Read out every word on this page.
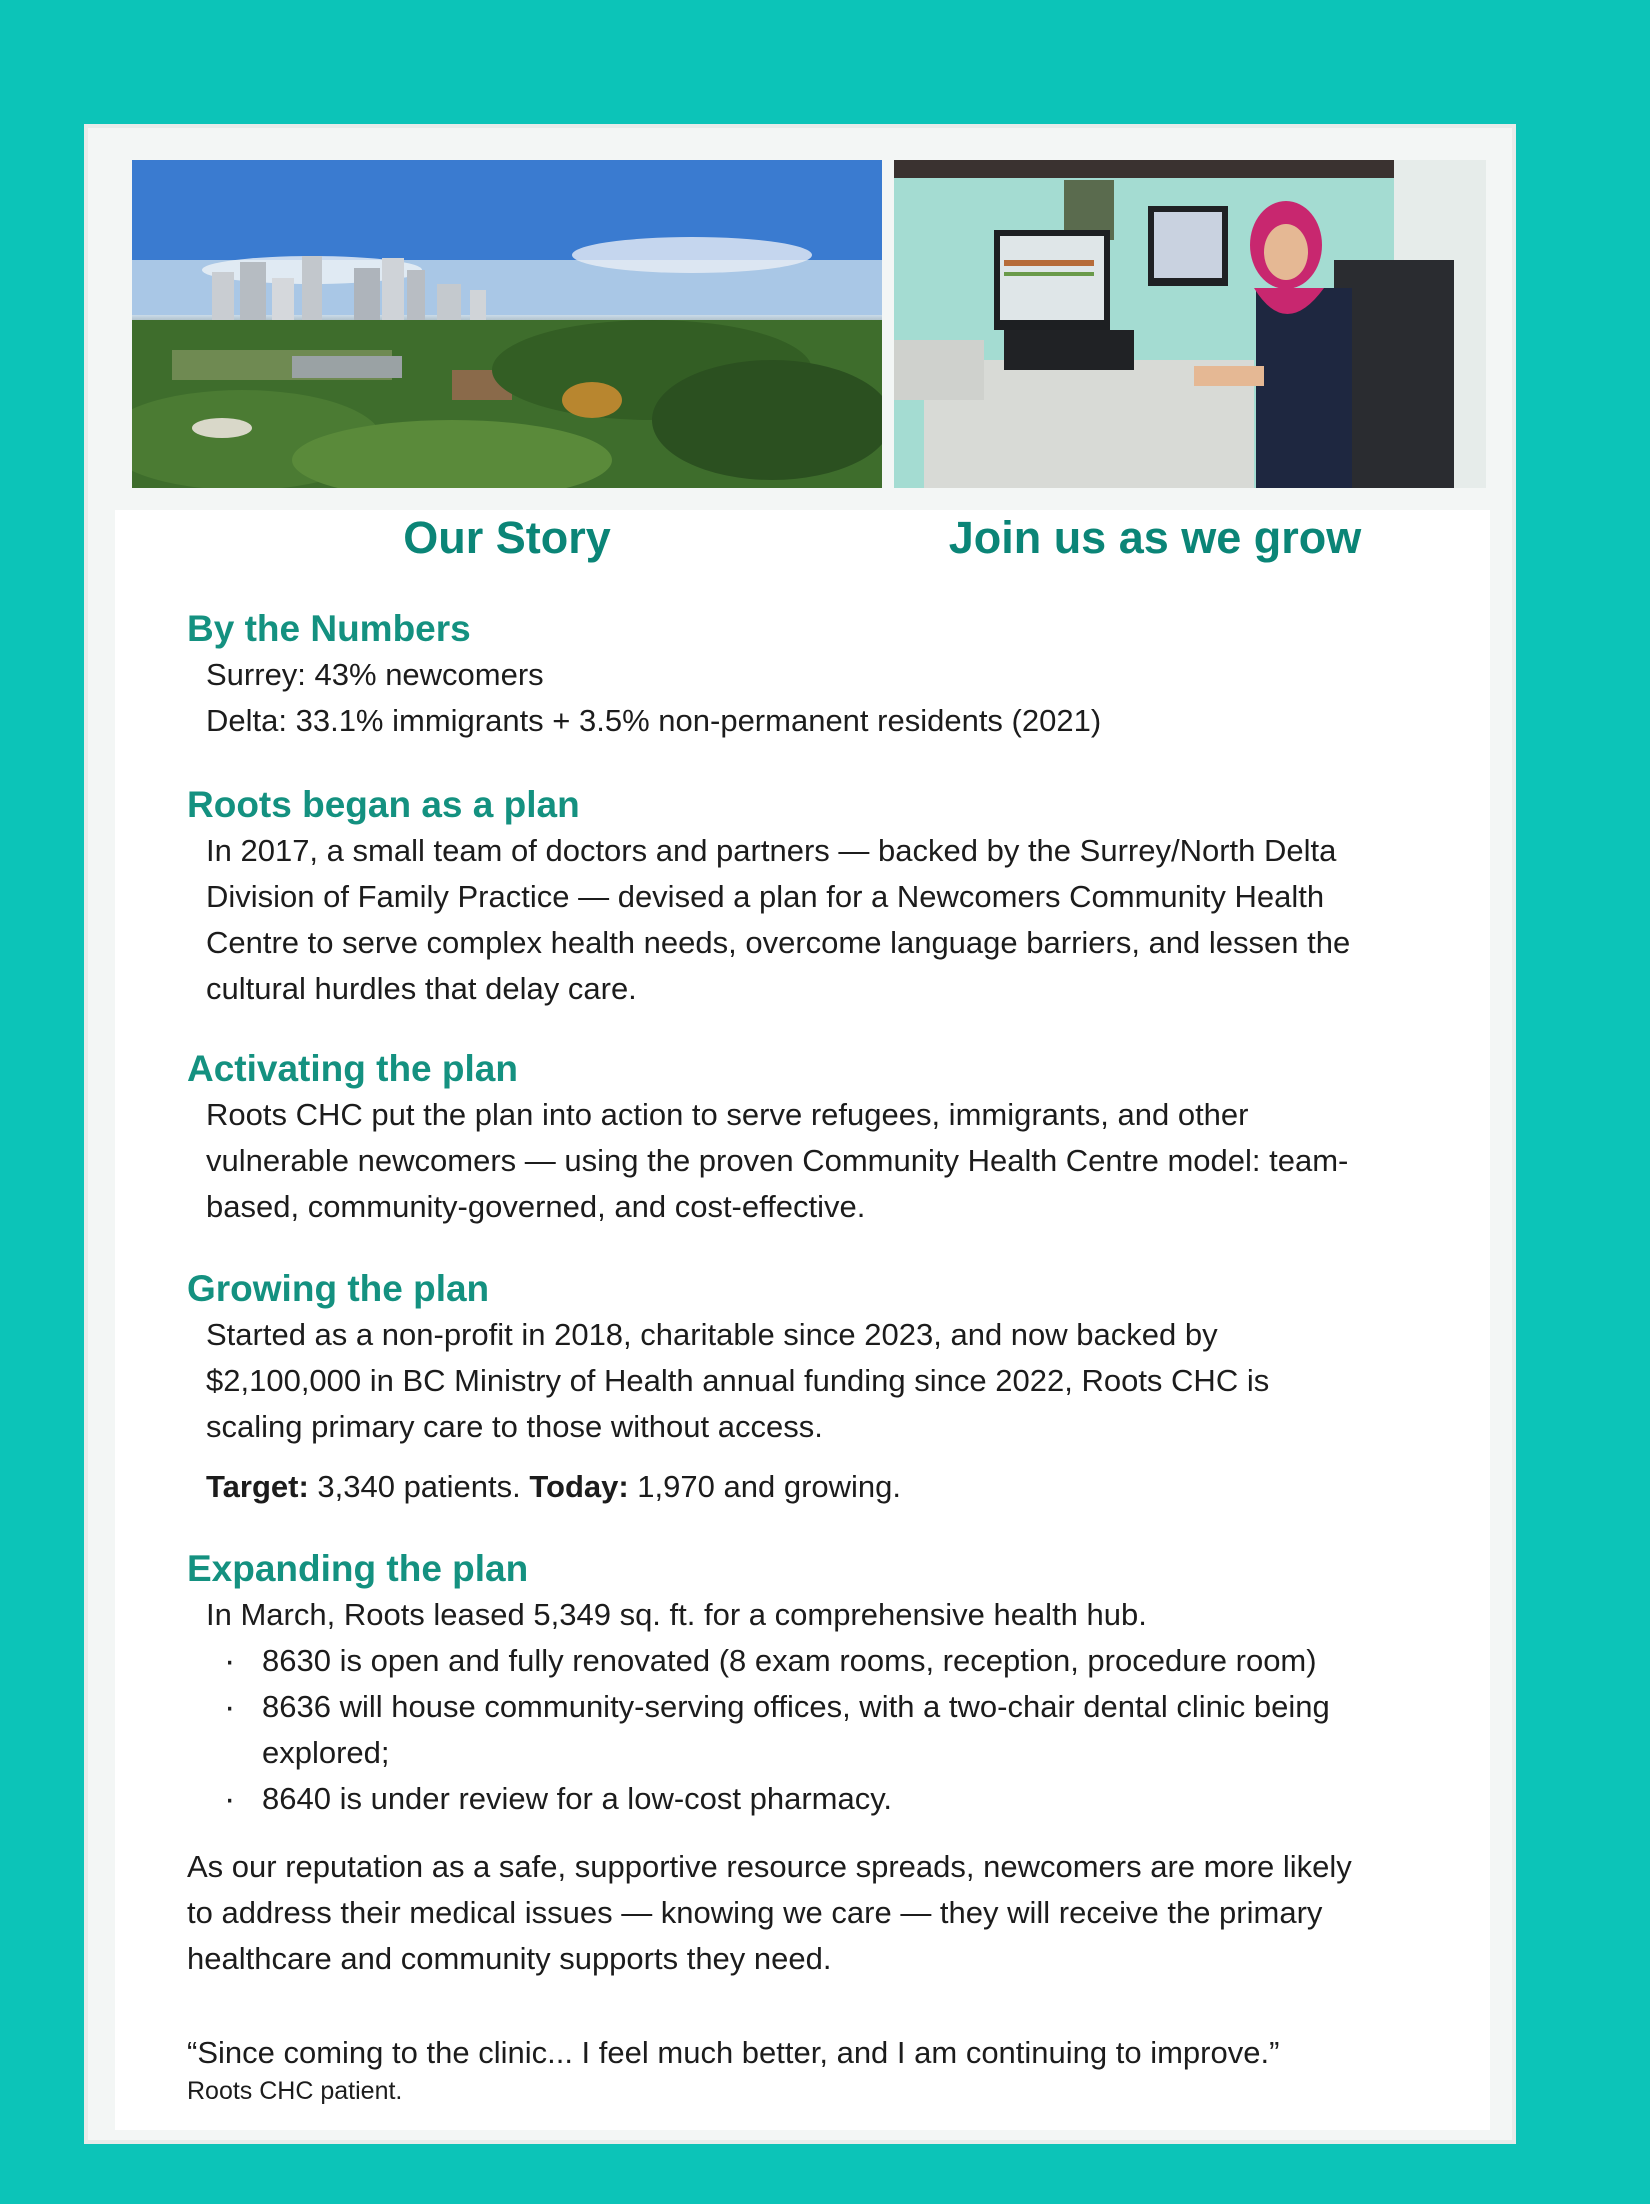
Our Story	Join us as we grow
By the Numbers

Surrey: 43% newcomers

Delta: 33.1% immigrants + 3.5% non-permanent residents (2021)

Roots began as a plan

In 2017, a small team of doctors and partners — backed by the Surrey/North Delta

Division of Family Practice — devised a plan for a Newcomers Community Health

Centre to serve complex health needs, overcome language barriers, and lessen the

cultural hurdles that delay care.

Activating the plan

Roots CHC put the plan into action to serve refugees, immigrants, and other

vulnerable newcomers — using the proven Community Health Centre model: team-

based, community-governed, and cost-effective.

Growing the plan

Started as a non-profit in 2018, charitable since 2023, and now backed by

$2,100,000 in BC Ministry of Health annual funding since 2022, Roots CHC is

scaling primary care to those without access.

Target: 3,340 patients. Today: 1,970 and growing.

Expanding the plan

In March, Roots leased 5,349 sq. ft. for a comprehensive health hub.

· 8630 is open and fully renovated (8 exam rooms, reception, procedure room)
· 8636 will house community-serving offices, with a two-chair dental clinic being explored;
· 8640 is under review for a low-cost pharmacy.
As our reputation as a safe, supportive resource spreads, newcomers are more likely
to address their medical issues — knowing we care — they will receive the primary
healthcare and community supports they need.

“Since coming to the clinic... I feel much better, and I am continuing to improve.”

Roots CHC patient.
